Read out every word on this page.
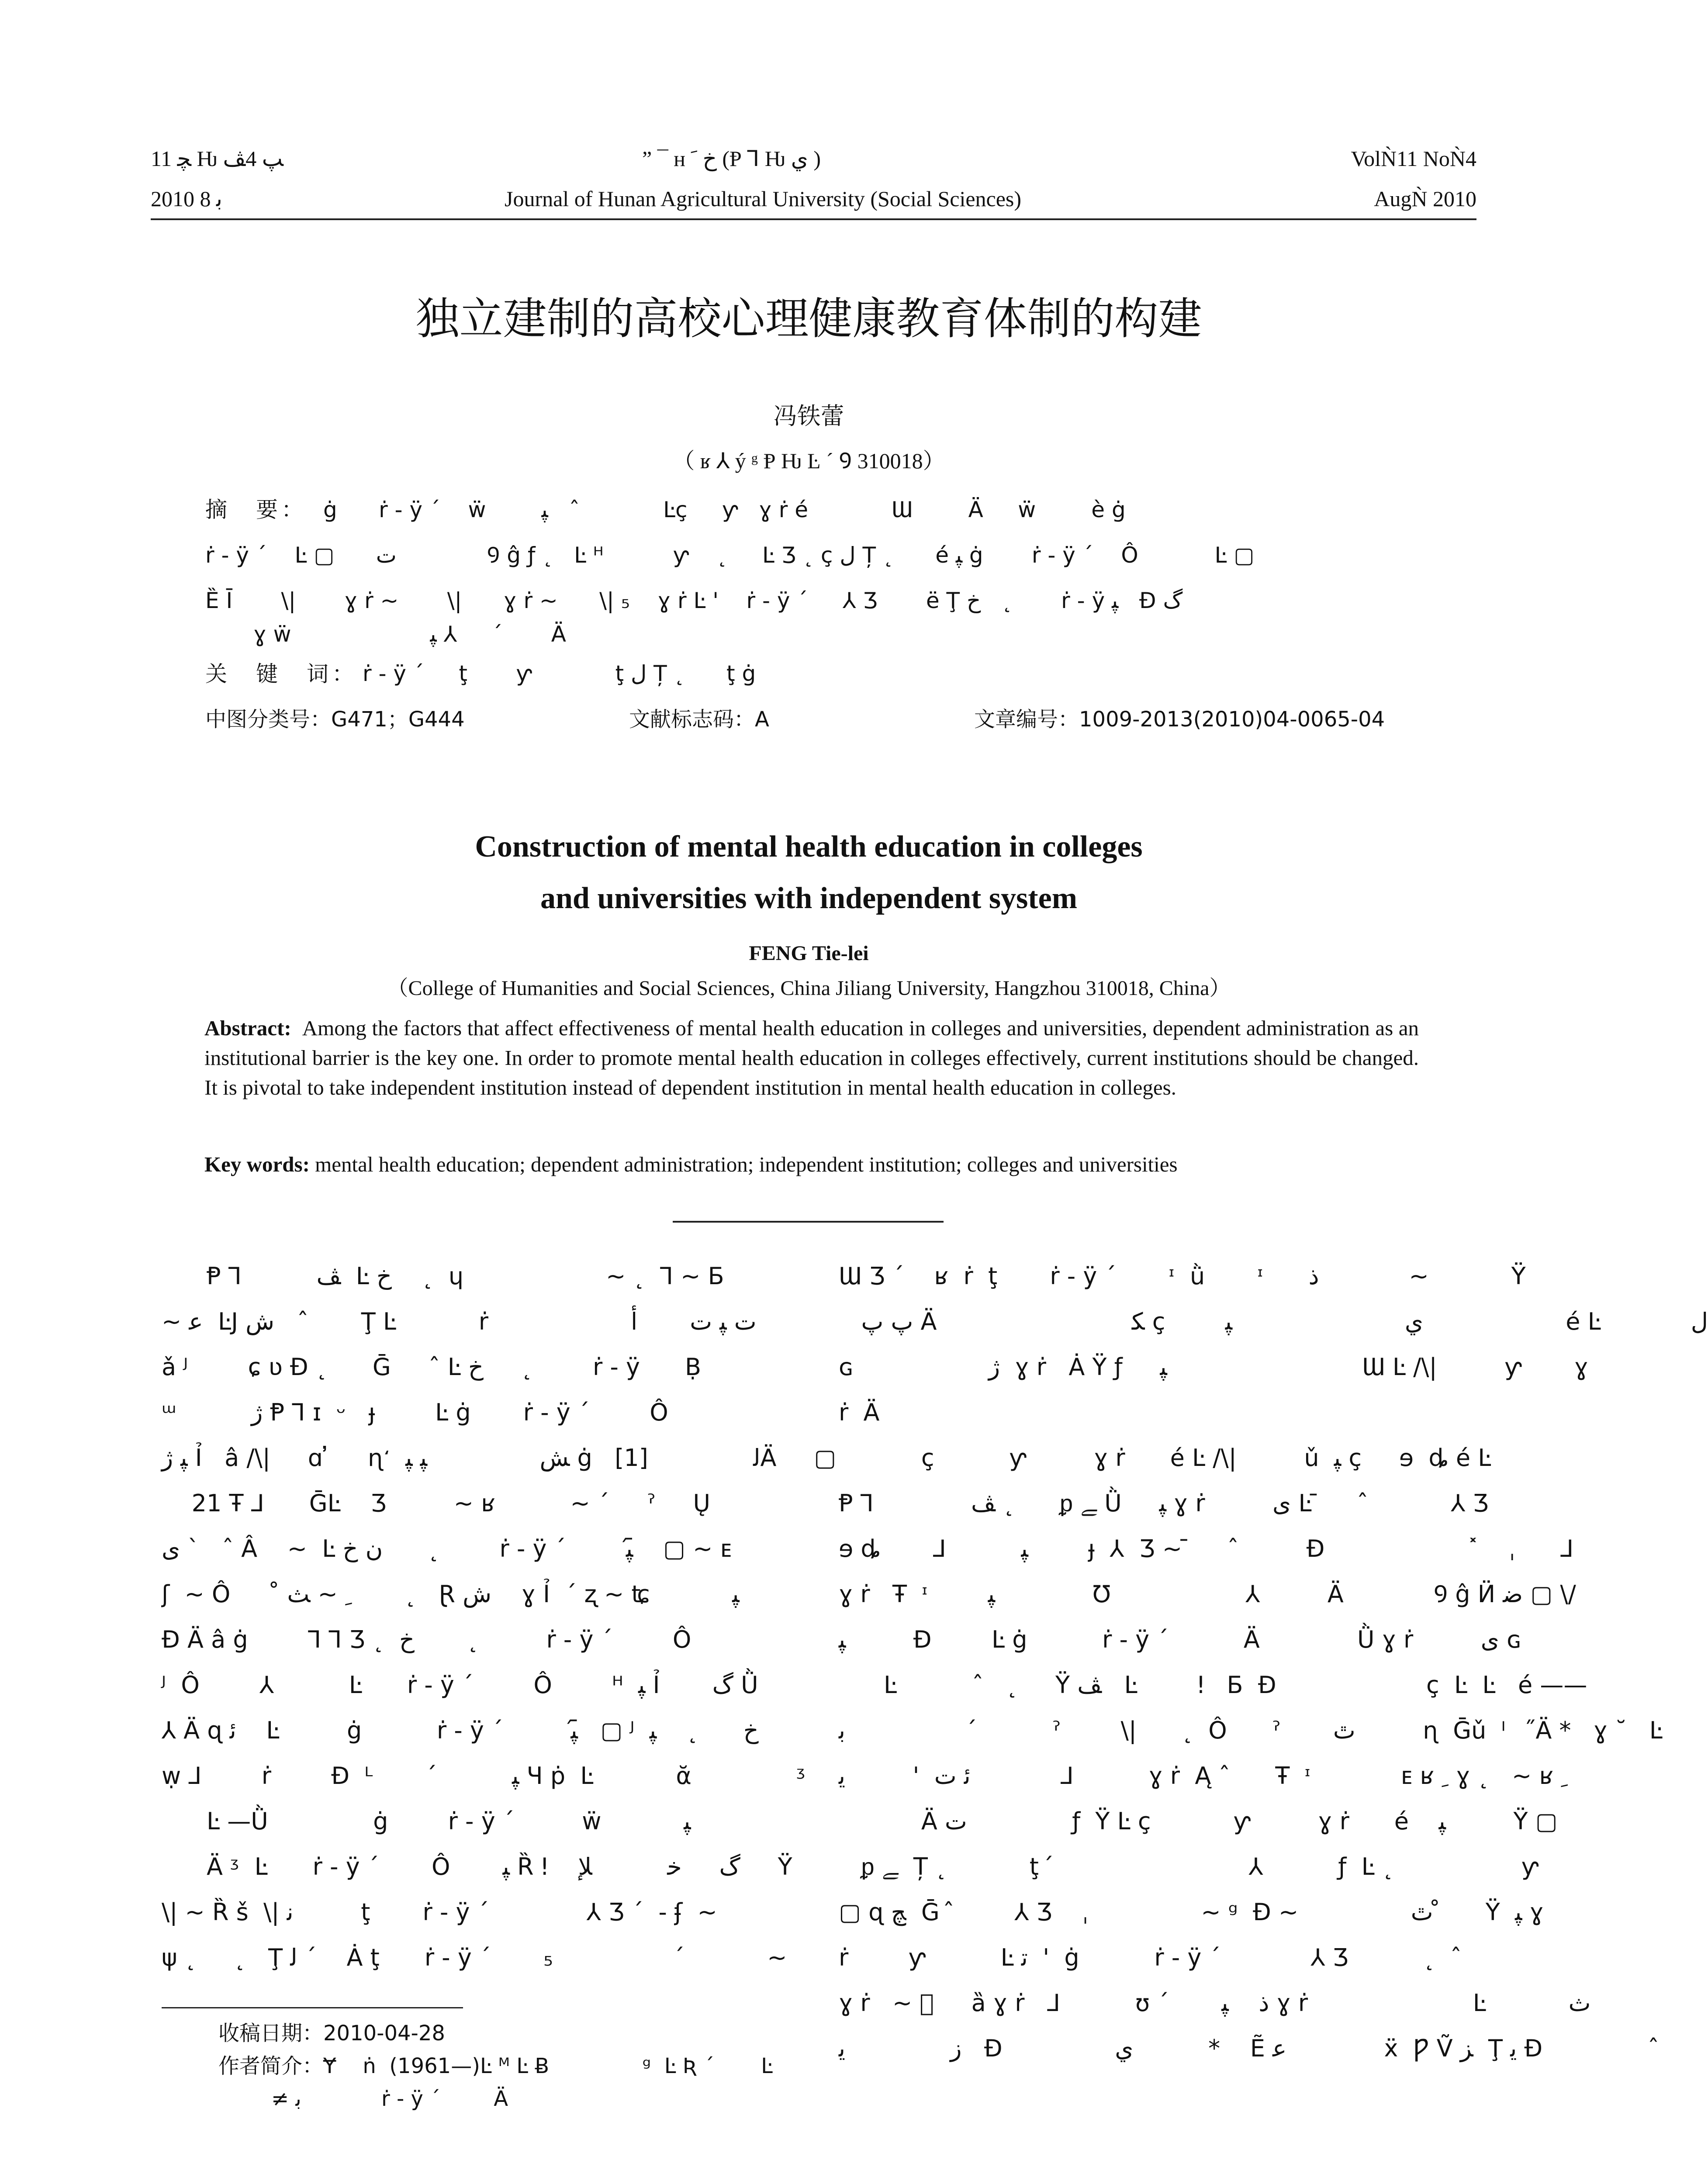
ﭽ 11 Ƕ ﭗ 4ﭫ
2010 ﺑ 8
” ¯ ʜ ﺥ ﹶ (Ᵽ ⅂ Ƕ ﻱ )
Journal of Hunan Agricultural University (Social Sciences)
VolǸ11 NoǸ4
AugǸ 2010
独立建制的高校心理健康教育体制的构建
冯铁蕾
（ ʁ ⅄ ý ᵍ Ᵽ Ƕ Ŀ ˊ Ꝯ 310018）
摘　要： ġ      ṙ - ÿ ˊ    ẅ        ﭙ   ˆ            Ŀç     ƴ   ɣ ṙ é            Ɯ        Ä     ẅ        è ġ
ṙ - ÿ ˊ    Ŀ ▢      ﺕ             Ꝯ ĝ ƒ ˛   Ŀ ᴴ          ƴ    ˛     Ŀ Ʒ ˛ ç ﻝ Ț ˛      é ﭙ ġ       ṙ - ÿ ˊ    Ô           Ŀ ▢
Ȅ Ī       \|       ɣ ṙ ~       \|      ɣ ṙ ~      \| ₅    ɣ ṙ Ŀ '    ṙ - ÿ ˊ     ⅄ Ʒ       ë Ţ ﺥ   ˛       ṙ - ÿ ﭙ   Ɖ گ
ɣ ẅ                    ﭙ ⅄     ˊ       Ä
关　键　词： ṙ - ÿ ˊ     ţ       ƴ            ţ ﻝ Ț ˛      ţ ġ
中图分类号：G471；G444	文献标志码：A	文章编号：1009-2013(2010)04-0065-04
Construction of mental health education in colleges
and universities with independent system
FENG Tie-lei
（College of Humanities and Social Sciences, China Jiliang University, Hangzhou 310018, China）
Abstract: Among the factors that affect effectiveness of mental health education in colleges and universities, dependent administration as an institutional barrier is the key one. In order to promote mental health education in colleges effectively, current institutions should be changed. It is pivotal to take independent institution instead of dependent institution in mental health education in colleges.
Key words: mental health education; dependent administration; independent institution; colleges and universities
Ᵽ ⅂          ﭫ  Ŀ ﺥ    ˛  ɥ                   ~ ˛  ⅂ ~ Ƃ
~ ﻋ  ĿJ ﺵ   ˆ       Ţ Ŀ           ṙ                   ﺕ ﭙ ﺕ       ﺃ
ǎ ᴶ        ɕ ʋ Ɖ ˛      Ḡ     ˆ Ŀ ﺥ     ˛        ṙ - ÿ      Ḅ
ᵚ          ﮊ Ᵽ ⅂ ɪ  ᵕ   ɟ        Ŀ ġ       ṙ - ÿ ˊ        Ô
ﭙ ﮊ Ỉ   â /\|     ɑ ̓     ɳ ̒  ﺶ               ﭙ ﭙ ġ   ﻟ              [1]Ä     ▢
21 Ŧ ⅃      ḠĿ    Ʒ         ~ ʁ          ~ ˊ     ˀ     Ų
ﯼ ˋ   ˆ Â    ~  Ŀ ﻥ ﺥ      ˛        ṙ - ÿ ˊ        ﭙ ᷇   ▢ ~ ᴇ
ʃ  ~ Ô     ˚ ﹺ ~ ﺚ       ˛   Ɽ ﺵ    ɣ Ỉ  ˊ ʐ ~ ʨ           ﭙ
Ɖ Ä â ġ        ⅂ ⅂ Ʒ ˛  ﺥ       ˛         ṙ - ÿ ˊ        Ô
ᴶ  Ô        ⅄          Ŀ      ṙ - ÿ ˊ        Ô        ᴴ  ﭙ Ỉ       گ Ǜ
⅄ Ä ɋ ﺋ    Ŀ         ġ          ṙ - ÿ ˊ         ﭙ ᷇  ▢ ᴶ  ﺥ      ˛    ﭙ
ẉ ⅃        ṙ        Ɖ  ᴸ       ˊ          ﭙ Ч ṗ  Ŀ           ᾰ              ᶾ
Ŀ —Ǜ              ġ        ṙ - ÿ ˊ         ẅ           ﭙ
Ä ᶾ  Ŀ      ṙ - ÿ ˊ       Ô       ﭙ Ȑ ǃ    گ     ﺧ          ﻺ     Ÿ
\| ~ Ȑ š  \| ﻧ         ţ       ṙ - ÿ ˊ             ⅄ Ʒ ˊ  - ʄ  ~
ψ ˛     ˛   Ţ ﻟ ˊ    Ȧ ţ      ṙ - ÿ ˊ       ₅                ˊ           ~
Ɯ Ʒ ˊ    ʁ  ṙ  ţ       ṙ - ÿ ˊ       ᶦ  ǜ       ᶦ      ﺫ            ~           Ÿ
ﭖ ﭖ Ä                          ﮑ ç        ﻱ                       ﭙ                   é Ŀ            ﻝ
ɢ                  ﮊ  ɣ ṙ   Ȧ Ÿ ƒ     ﭙ                          Ɯ Ŀ /\|         ƴ       ɣ
ṙ  Ä
ç          ƴ         ɣ ṙ      é Ŀ /\|         ǔ  ﭙ ç     ɘ  ȡ é Ŀ
Ᵽ ⅂             ﭫ ˛      ᵱ ﮯ Ǜ     ﭙ ɣ ṙ         ﯼ Ŀ ̄     ˆ           ⅄ Ʒ
ɘ ȡ       ⅃          ﭙ        ɟ  ⅄  Ʒ ~ ̄     ˆ         Ɖ                   ˟    ˌ      ⅃
ɣ ṙ   Ŧ  ᶦ        ﭙ             Ʊ                  ⅄         Ä            Ꝯ ĝ Ӥ ﺿ ▢ \/
ﭙ         Ɖ        Ŀ ġ          ṙ - ÿ ˊ          Ä             Ǜ ɣ ṙ         ﯼ ɢ
Ŀ          ˆ   ˛     Ÿ ﭫ   Ŀ        ǃ   Ƃ  Ɖ                    ç  Ŀ  Ŀ   é ——
ﺑ                ˊ          ˀ        \|      ˛  Ô      ˀ       ﭢ         ɳ  Ḡǔ  ᴵ    ̋Ä *   ɣ ˘   Ŀ
ﺋ ﺕ  '         ﻳ            ⅃          ɣ ṙ  Ą ˆ      Ŧ  ᶦ            ᴇ ʁ ﹺ ɣ ˛   ~ ʁ ﹺ
Ä ﺕ              ƒ  Ÿ Ŀ ç           ƴ         ɣ ṙ      é    ﭙ         Ÿ ▢
ᵱ ﮯ  Ț ˛           ţ  ́                          ⅄          ƒ  Ŀ ˛                 ƴ
▢ ɋ ﭻ  Ḡ  ̂        ⅄ Ʒ    ˌ               ~ ᵍ  Ɖ ~               ﭢ  ̊     Ÿ  ﭙ ɣ
ṙ        ƴ          Ŀ ﺗ  '  ġ          ṙ - ÿ ˊ            ⅄ Ʒ          ˛  ˆ
ɣ ṙ   ~ ⃞     ȁ ɣ ṙ   ⅃          ʊ ˊ       ﺫ    ﭙ ɣ ṙ                      Ŀ           ﺙ
ﺯ              ﻳ   Ɖ               ﻱ          *    Ẽ ﻋ             ẍ  Ƿ Ṽ ﺰ  Ţ ﻳ Ɖ              ˆ
收稿日期：2010-04-28
作者简介：Ɏ    ṅ  (1961—)Ŀ ᴹ Ŀ Ƀ              ᵍ  Ŀ Ʀ ˊ       Ŀ
≠ ﺑ            ṙ - ÿ ˊ        Ä
